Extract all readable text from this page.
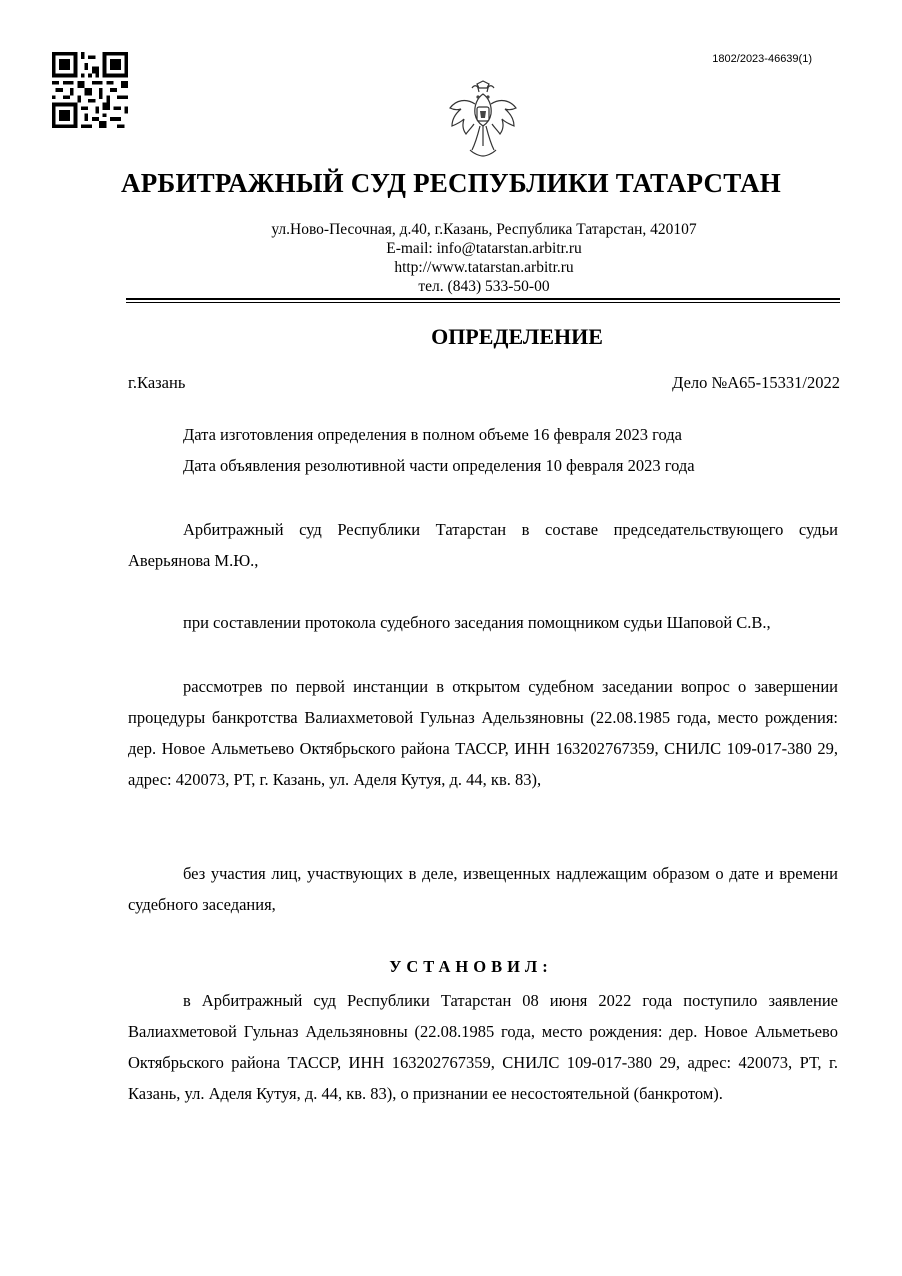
1802/2023-46639(1)
АРБИТРАЖНЫЙ СУД РЕСПУБЛИКИ ТАТАРСТАН
ул.Ново-Песочная, д.40, г.Казань, Республика Татарстан, 420107
E-mail: info@tatarstan.arbitr.ru
http://www.tatarstan.arbitr.ru
тел. (843) 533-50-00
ОПРЕДЕЛЕНИЕ
г.Казань	Дело №А65-15331/2022
Дата изготовления определения в полном объеме 16 февраля 2023 года
Дата объявления резолютивной части определения 10 февраля 2023 года
Арбитражный суд Республики Татарстан в составе председательствующего судьи Аверьянова М.Ю.,
при составлении протокола судебного заседания помощником судьи Шаповой С.В.,
рассмотрев по первой инстанции в открытом судебном заседании вопрос о завершении процедуры банкротства Валиахметовой Гульназ Адельзяновны (22.08.1985 года, место рождения: дер. Новое Альметьево Октябрьского района ТАССР, ИНН 163202767359, СНИЛС 109-017-380 29, адрес: 420073, РТ, г. Казань, ул. Аделя Кутуя, д. 44, кв. 83),
без участия лиц, участвующих в деле, извещенных надлежащим образом о дате и времени судебного заседания,
УСТАНОВИЛ:
в Арбитражный суд Республики Татарстан 08 июня 2022 года поступило заявление Валиахметовой Гульназ Адельзяновны (22.08.1985 года, место рождения: дер. Новое Альметьево Октябрьского района ТАССР, ИНН 163202767359, СНИЛС 109-017-380 29, адрес: 420073, РТ, г. Казань, ул. Аделя Кутуя, д. 44, кв. 83), о признании ее несостоятельной (банкротом).
